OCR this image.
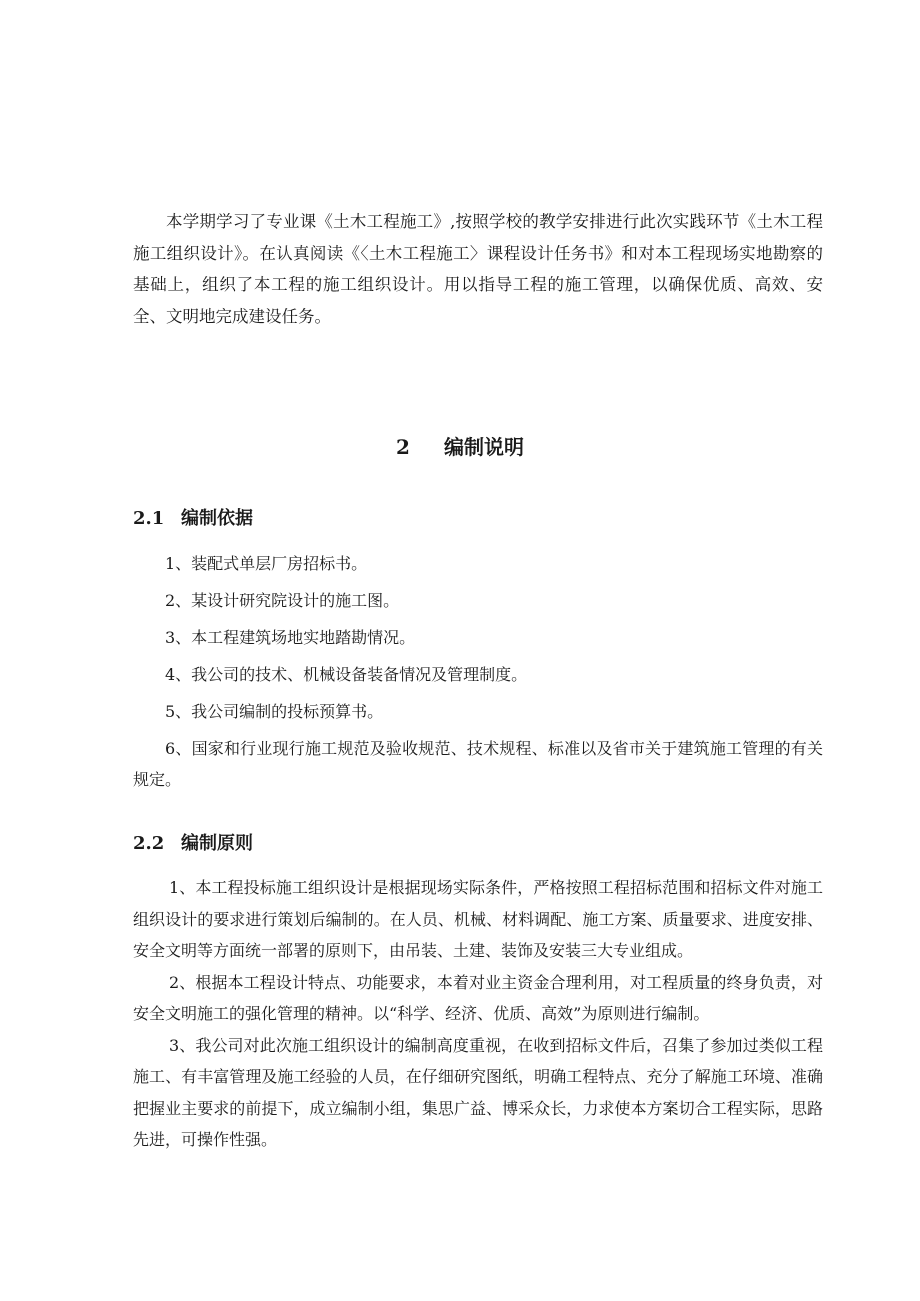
本学期学习了专业课《土木工程施工》,按照学校的教学安排进行此次实践环节《土木工程施工组织设计》。在认真阅读《〈土木工程施工〉课程设计任务书》和对本工程现场实地勘察的基础上，组织了本工程的施工组织设计。用以指导工程的施工管理，以确保优质、高效、安全、文明地完成建设任务。

2 编制说明
2.1 编制依据
1、装配式单层厂房招标书。
2、某设计研究院设计的施工图。
3、本工程建筑场地实地踏勘情况。
4、我公司的技术、机械设备装备情况及管理制度。
5、我公司编制的投标预算书。
6、国家和行业现行施工规范及验收规范、技术规程、标准以及省市关于建筑施工管理的有关规定。
2.2 编制原则

1、本工程投标施工组织设计是根据现场实际条件，严格按照工程招标范围和招标文件对施工组织设计的要求进行策划后编制的。在人员、机械、材料调配、施工方案、质量要求、进度安排、安全文明等方面统一部署的原则下，由吊装、土建、装饰及安装三大专业组成。

2、根据本工程设计特点、功能要求，本着对业主资金合理利用，对工程质量的终身负责，对安全文明施工的强化管理的精神。以“科学、经济、优质、高效”为原则进行编制。

3、我公司对此次施工组织设计的编制高度重视，在收到招标文件后，召集了参加过类似工程施工、有丰富管理及施工经验的人员，在仔细研究图纸，明确工程特点、充分了解施工环境、准确把握业主要求的前提下，成立编制小组，集思广益、博采众长，力求使本方案切合工程实际，思路先进，可操作性强。
